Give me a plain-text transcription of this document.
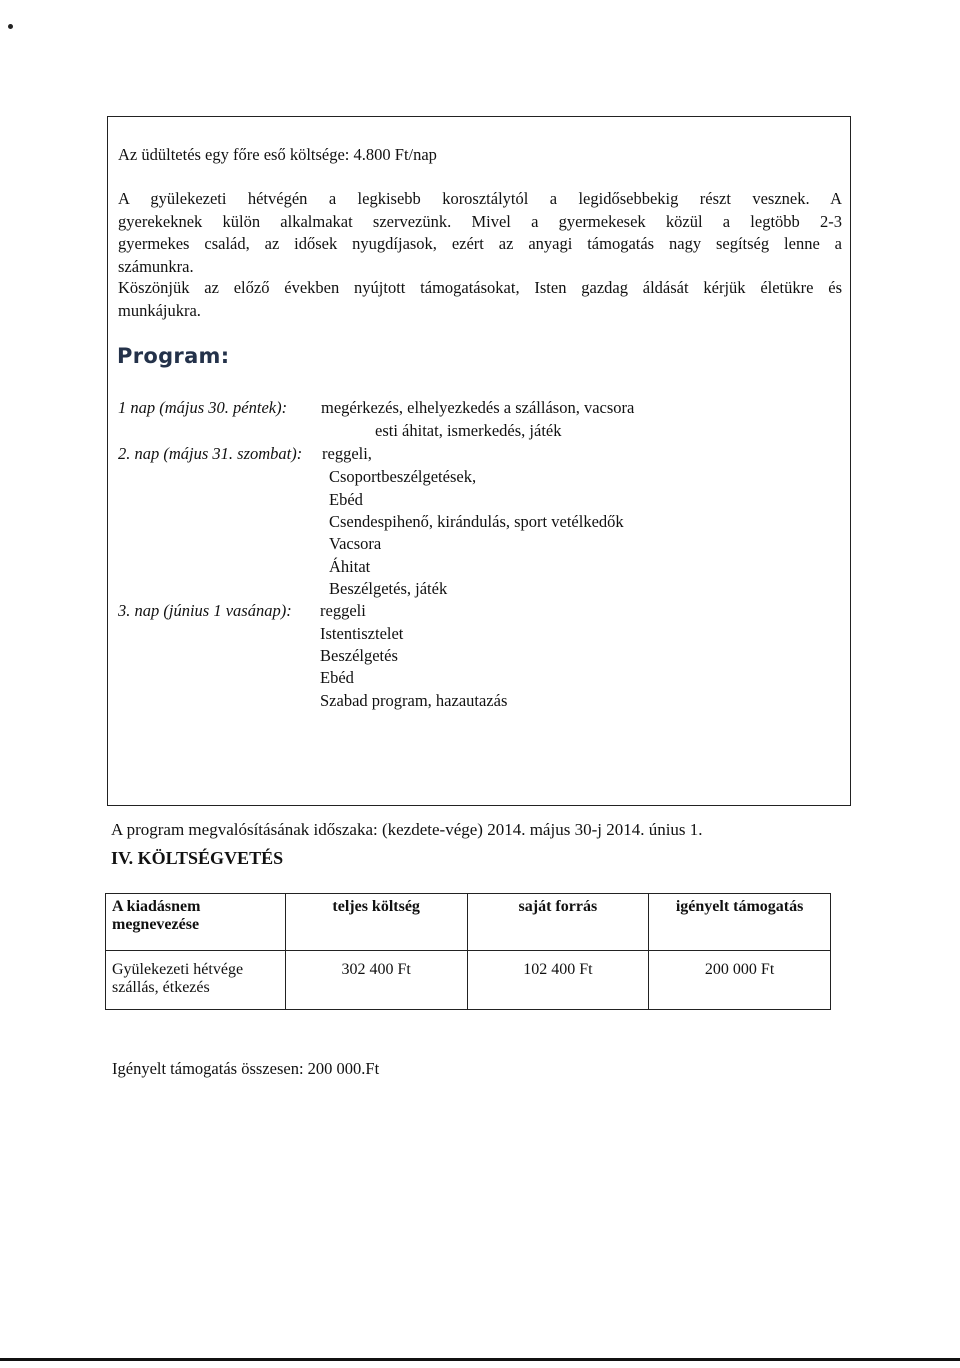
Az üdültetés egy főre eső költsége: 4.800 Ft/nap
A gyülekezeti hétvégén a legkisebb korosztálytól a legidősebbekig részt vesznek. A
gyerekeknek külön alkalmakat szervezünk. Mivel a gyermekesek közül a legtöbb 2-3
gyermekes család, az idősek nyugdíjasok, ezért az anyagi támogatás nagy segítség lenne a
számunkra.
Köszönjük az előző években nyújtott támogatásokat, Isten gazdag áldását kérjük életükre és
munkájukra.
Program:
1 nap (május 30. péntek): megérkezés, elhelyezkedés a szálláson, vacsora
esti áhitat, ismerkedés, játék
2. nap (május 31. szombat): reggeli,
Csoportbeszélgetések,
Ebéd
Csendespihenő, kirándulás, sport vetélkedők
Vacsora
Áhitat
Beszélgetés, játék
3. nap (június 1 vasánap): reggeli
Istentisztelet
Beszélgetés
Ebéd
Szabad program, hazautazás
A program megvalósításának időszaka: (kezdete-vége) 2014. május 30-j 2014. únius 1.
IV. KÖLTSÉGVETÉS
A kiadásnem megnevezése	teljes költség	saját forrás	igényelt támogatás
Gyülekezeti hétvége szállás, étkezés	302 400 Ft	102 400 Ft	200 000 Ft
Igényelt támogatás összesen: 200 000.Ft
